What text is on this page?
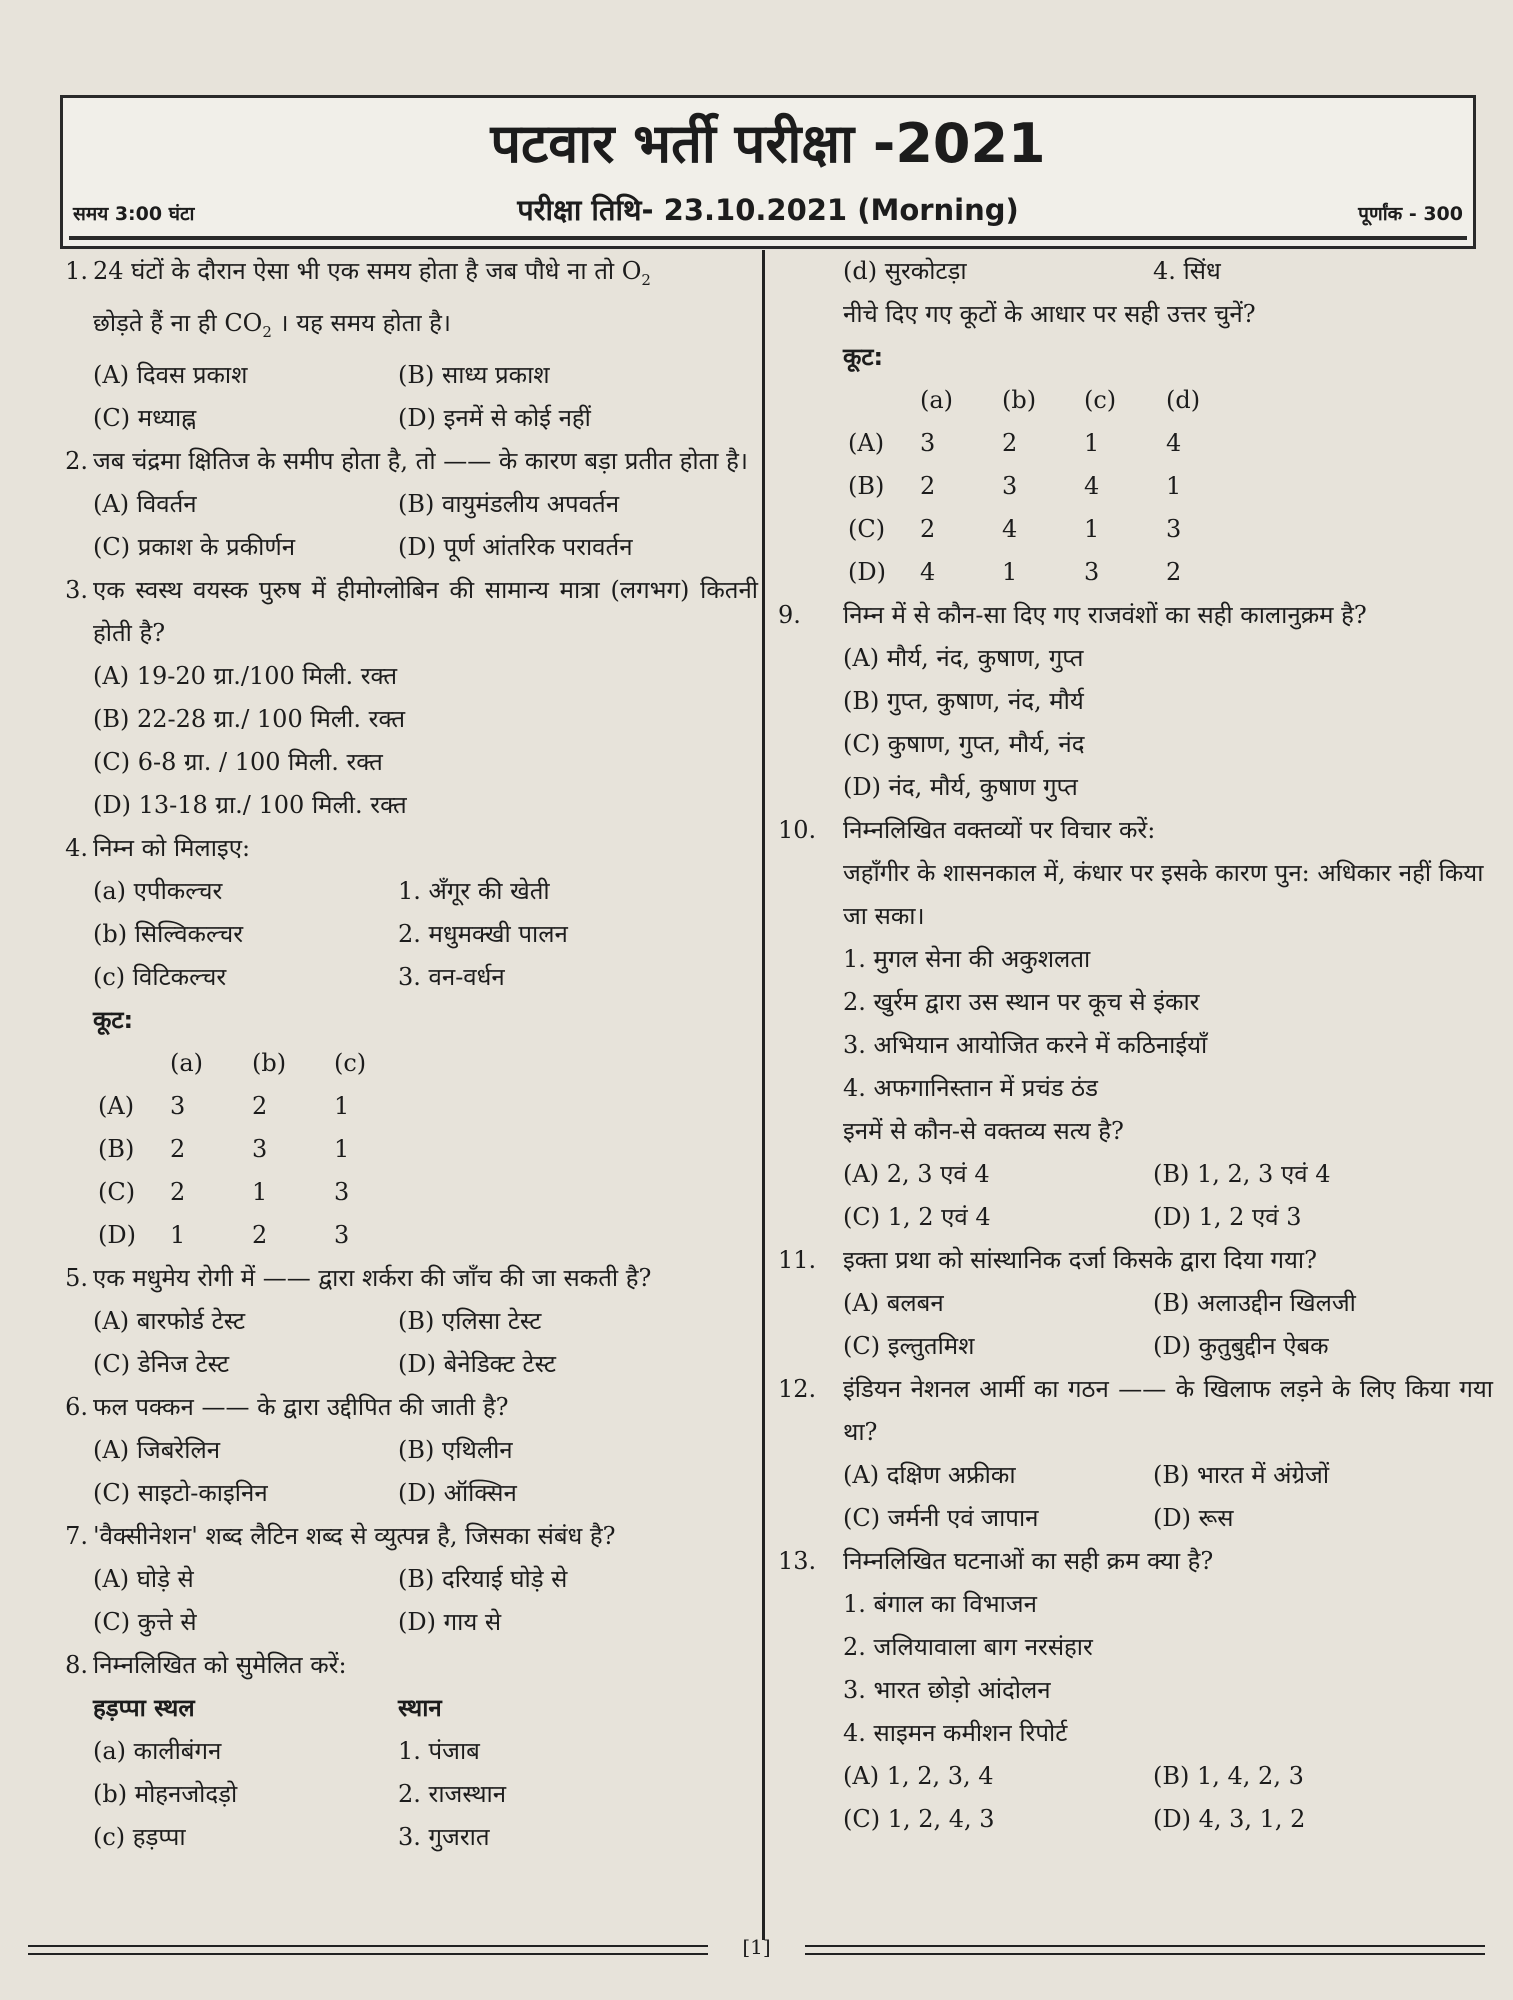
पटवार भर्ती परीक्षा -2021
समय 3:00 घंटा	परीक्षा तिथि- 23.10.2021 (Morning)	पूर्णांक - 300
1. 24 घंटों के दौरान ऐसा भी एक समय होता है जब पौधे ना तो $O_2$
छोड़ते हैं ना ही $CO_2$ । यह समय होता है।
(A) दिवस प्रकाश	(B) साध्य प्रकाश
(C) मध्याह्न	(D) इनमें से कोई नहीं
2. जब चंद्रमा क्षितिज के समीप होता है, तो —— के कारण बड़ा प्रतीत होता है।
(A) विवर्तन	(B) वायुमंडलीय अपवर्तन
(C) प्रकाश के प्रकीर्णन	(D) पूर्ण आंतरिक परावर्तन
3. एक स्वस्थ वयस्क पुरुष में हीमोग्लोबिन की सामान्य मात्रा (लगभग) कितनी होती है?
(A) 19-20 ग्रा./100 मिली. रक्त
(B) 22-28 ग्रा./ 100 मिली. रक्त
(C) 6-8 ग्रा. / 100 मिली. रक्त
(D) 13-18 ग्रा./ 100 मिली. रक्त
4. निम्न को मिलाइए:
(a) एपीकल्चर	1. अँगूर की खेती
(b) सिल्विकल्चर	2. मधुमक्खी पालन
(c) विटिकल्चर	3. वन-वर्धन
कूट:
(a)	(b)	(c)
(A)	3	2	1
(B)	2	3	1
(C)	2	1	3
(D)	1	2	3
5. एक मधुमेय रोगी में —— द्वारा शर्करा की जाँच की जा सकती है?
(A) बारफोर्ड टेस्ट	(B) एलिसा टेस्ट
(C) डेनिज टेस्ट	(D) बेनेडिक्ट टेस्ट
6. फल पक्कन —— के द्वारा उद्दीपित की जाती है?
(A) जिबरेलिन	(B) एथिलीन
(C) साइटो-काइनिन	(D) ऑक्सिन
7. 'वैक्सीनेशन' शब्द लैटिन शब्द से व्युत्पन्न है, जिसका संबंध है?
(A) घोड़े से	(B) दरियाई घोड़े से
(C) कुत्ते से	(D) गाय से
8. निम्नलिखित को सुमेलित करें:
हड़प्पा स्थल	स्थान
(a) कालीबंगन	1. पंजाब
(b) मोहनजोदड़ो	2. राजस्थान
(c) हड़प्पा	3. गुजरात
(d) सुरकोटड़ा	4. सिंध
नीचे दिए गए कूटों के आधार पर सही उत्तर चुनें?
कूट:
(a)	(b)	(c)	(d)
(A)	3	2	1	4
(B)	2	3	4	1
(C)	2	4	1	3
(D)	4	1	3	2
9.	निम्न में से कौन-सा दिए गए राजवंशों का सही कालानुक्रम है?
(A) मौर्य, नंद, कुषाण, गुप्त
(B) गुप्त, कुषाण, नंद, मौर्य
(C) कुषाण, गुप्त, मौर्य, नंद
(D) नंद, मौर्य, कुषाण गुप्त
10.	निम्नलिखित वक्तव्यों पर विचार करें:
जहाँगीर के शासनकाल में, कंधार पर इसके कारण पुन: अधिकार नहीं किया जा सका।
1. मुगल सेना की अकुशलता
2. खुर्रम द्वारा उस स्थान पर कूच से इंकार
3. अभियान आयोजित करने में कठिनाईयाँ
4. अफगानिस्तान में प्रचंड ठंड
इनमें से कौन-से वक्तव्य सत्य है?
(A) 2, 3 एवं 4	(B) 1, 2, 3 एवं 4
(C) 1, 2 एवं 4	(D) 1, 2 एवं 3
11.	इक्ता प्रथा को सांस्थानिक दर्जा किसके द्वारा दिया गया?
(A) बलबन	(B) अलाउद्दीन खिलजी
(C) इल्तुतमिश	(D) कुतुबुद्दीन ऐबक
12.	इंडियन नेशनल आर्मी का गठन —— के खिलाफ लड़ने के लिए किया गया था?
(A) दक्षिण अफ्रीका	(B) भारत में अंग्रेजों
(C) जर्मनी एवं जापान	(D) रूस
13.	निम्नलिखित घटनाओं का सही क्रम क्या है?
1. बंगाल का विभाजन
2. जलियावाला बाग नरसंहार
3. भारत छोड़ो आंदोलन
4. साइमन कमीशन रिपोर्ट
(A) 1, 2, 3, 4	(B) 1, 4, 2, 3
(C) 1, 2, 4, 3	(D) 4, 3, 1, 2
[1]
